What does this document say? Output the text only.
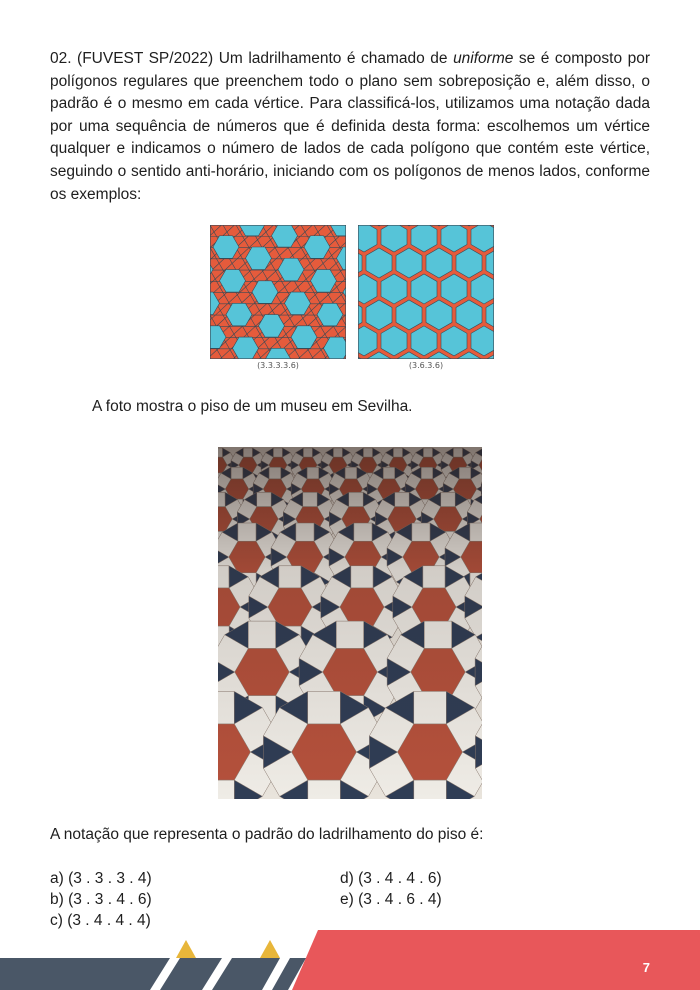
02. (FUVEST SP/2022) Um ladrilhamento é chamado de uniforme se é composto por polígonos regulares que preenchem todo o plano sem sobreposição e, além disso, o padrão é o mesmo em cada vértice. Para classificá-los, utilizamos uma notação dada por uma sequência de números que é definida desta forma: escolhemos um vértice qualquer e indicamos o número de lados de cada polígono que contém este vértice, seguindo o sentido anti-horário, iniciando com os polígonos de menos lados, conforme os exemplos:

(3.3.3.3.6)	(3.6.3.6)

A foto mostra o piso de um museu em Sevilha.

A notação que representa o padrão do ladrilhamento do piso é:

a) (3 . 3 . 3 . 4)

b) (3 . 3 . 4 . 6)

c) (3 . 4 . 4 . 4)

d) (3 . 4 . 4 . 6)

e) (3 . 4 . 6 . 4)

7
